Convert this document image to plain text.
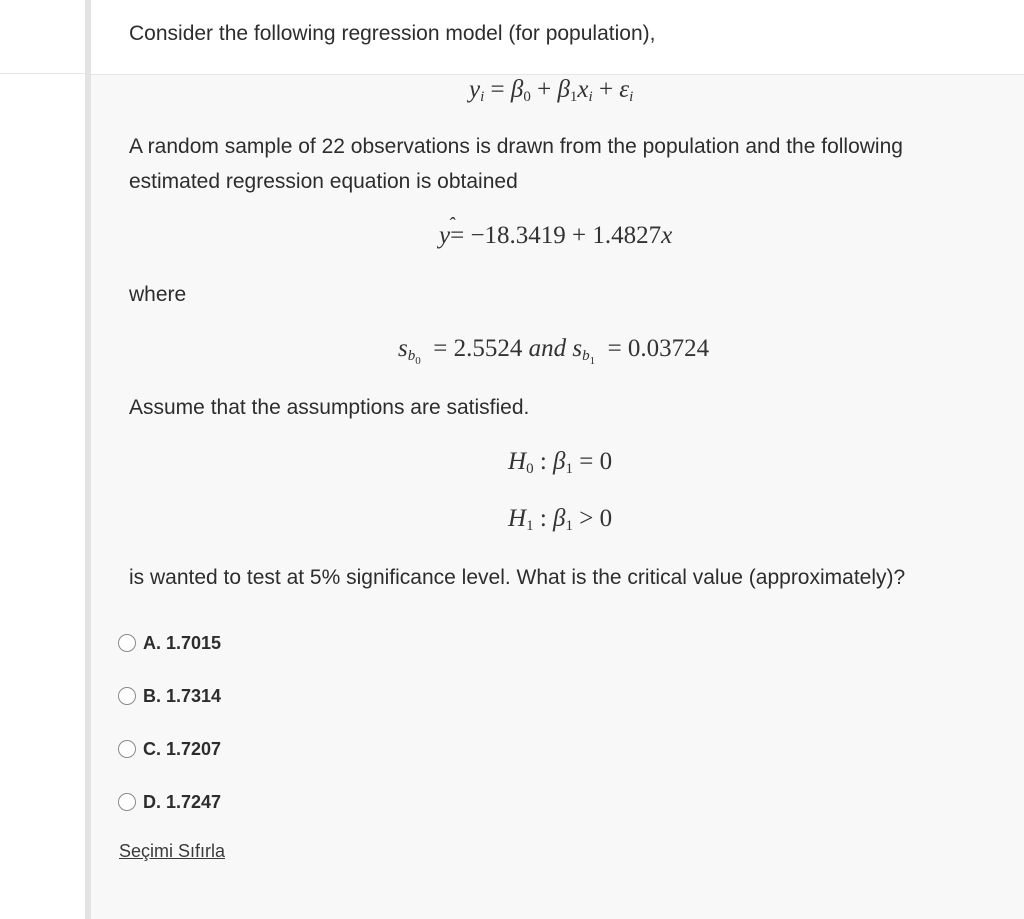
Consider the following regression model (for population),
$y_i = \beta_0 + \beta_1x_i + \varepsilon_i$
A random sample of 22 observations is drawn from the population and the following
estimated regression equation is obtained
y ˆ= −18.3419 + 1.4827x
where
$s_{b_0} = 2.5524$ and $s_{b_1} = 0.03724$
Assume that the assumptions are satisfied.
$H_0$ : $\beta_1 = 0$
$H_1$ : $\beta_1 > 0$
is wanted to test at 5% significance level. What is the critical value (approximately)?
A. 1.7015
B. 1.7314
C. 1.7207
D. 1.7247
Seçimi Sıfırla
